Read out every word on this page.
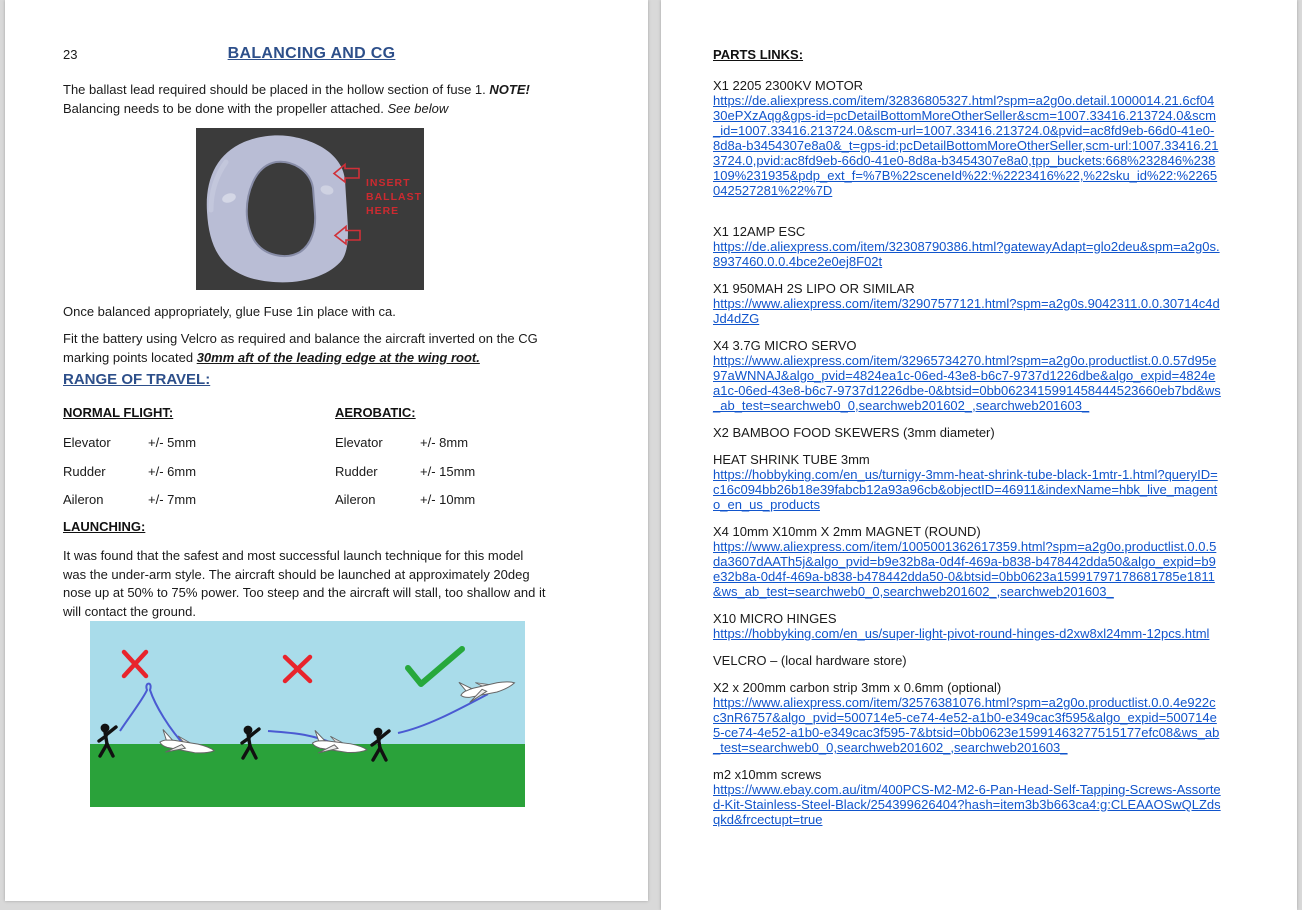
23	BALANCING AND CG
The ballast lead required should be placed in the hollow section of fuse 1. NOTE!
Balancing needs to be done with the propeller attached. See below
INSERT
BALLAST
HERE
Once balanced appropriately, glue Fuse 1in place with ca.
Fit the battery using Velcro as required and balance the aircraft inverted on the CG
marking points located 30mm aft of the leading edge at the wing root.
RANGE OF TRAVEL:
NORMAL FLIGHT:
Elevator	+/- 5mm
Rudder	+/- 6mm
Aileron	+/- 7mm
AEROBATIC:
Elevator	+/- 8mm
Rudder	+/- 15mm
Aileron	+/- 10mm
LAUNCHING:
It was found that the safest and most successful launch technique for this model
was the under-arm style. The aircraft should be launched at approximately 20deg
nose up at 50% to 75% power. Too steep and the aircraft will stall, too shallow and it
will contact the ground.
PARTS LINKS:
X1 2205 2300KV MOTOR
https://de.aliexpress.com/item/32836805327.html?spm=a2g0o.detail.1000014.21.6cf0430ePXzAqg&gps-id=pcDetailBottomMoreOtherSeller&scm=1007.33416.213724.0&scm_id=1007.33416.213724.0&scm-url=1007.33416.213724.0&pvid=ac8fd9eb-66d0-41e0-8d8a-b3454307e8a0&_t=gps-id:pcDetailBottomMoreOtherSeller,scm-url:1007.33416.213724.0,pvid:ac8fd9eb-66d0-41e0-8d8a-b3454307e8a0,tpp_buckets:668%232846%238109%231935&pdp_ext_f=%7B%22sceneId%22:%2223416%22,%22sku_id%22:%2265042527281%22%7D
X1 12AMP ESC
https://de.aliexpress.com/item/32308790386.html?gatewayAdapt=glo2deu&spm=a2g0s.8937460.0.0.4bce2e0ej8F02t
X1 950MAH 2S LIPO OR SIMILAR
https://www.aliexpress.com/item/32907577121.html?spm=a2g0s.9042311.0.0.30714c4dJd4dZG
X4 3.7G MICRO SERVO
https://www.aliexpress.com/item/32965734270.html?spm=a2g0o.productlist.0.0.57d95e97aWNNAJ&algo_pvid=4824ea1c-06ed-43e8-b6c7-9737d1226dbe&algo_expid=4824ea1c-06ed-43e8-b6c7-9737d1226dbe-0&btsid=0bb0623415991458444523660eb7bd&ws_ab_test=searchweb0_0,searchweb201602_,searchweb201603_
X2 BAMBOO FOOD SKEWERS (3mm diameter)
HEAT SHRINK TUBE 3mm
https://hobbyking.com/en_us/turnigy-3mm-heat-shrink-tube-black-1mtr-1.html?queryID=c16c094bb26b18e39fabcb12a93a96cb&objectID=46911&indexName=hbk_live_magento_en_us_products
X4 10mm X10mm X 2mm MAGNET (ROUND)
https://www.aliexpress.com/item/1005001362617359.html?spm=a2g0o.productlist.0.0.5da3607dAATh5j&algo_pvid=b9e32b8a-0d4f-469a-b838-b478442dda50&algo_expid=b9e32b8a-0d4f-469a-b838-b478442dda50-0&btsid=0bb0623a15991797178681785e1811&ws_ab_test=searchweb0_0,searchweb201602_,searchweb201603_
X10 MICRO HINGES
https://hobbyking.com/en_us/super-light-pivot-round-hinges-d2xw8xl24mm-12pcs.html
VELCRO – (local hardware store)
X2 x 200mm carbon strip 3mm x 0.6mm (optional)
https://www.aliexpress.com/item/32576381076.html?spm=a2g0o.productlist.0.0.4e922cc3nR6757&algo_pvid=500714e5-ce74-4e52-a1b0-e349cac3f595&algo_expid=500714e5-ce74-4e52-a1b0-e349cac3f595-7&btsid=0bb0623e15991463277515177efc08&ws_ab_test=searchweb0_0,searchweb201602_,searchweb201603_
m2 x10mm screws
https://www.ebay.com.au/itm/400PCS-M2-M2-6-Pan-Head-Self-Tapping-Screws-Assorted-Kit-Stainless-Steel-Black/254399626404?hash=item3b3b663ca4:g:CLEAAOSwQLZdsqkd&frcectupt=true
